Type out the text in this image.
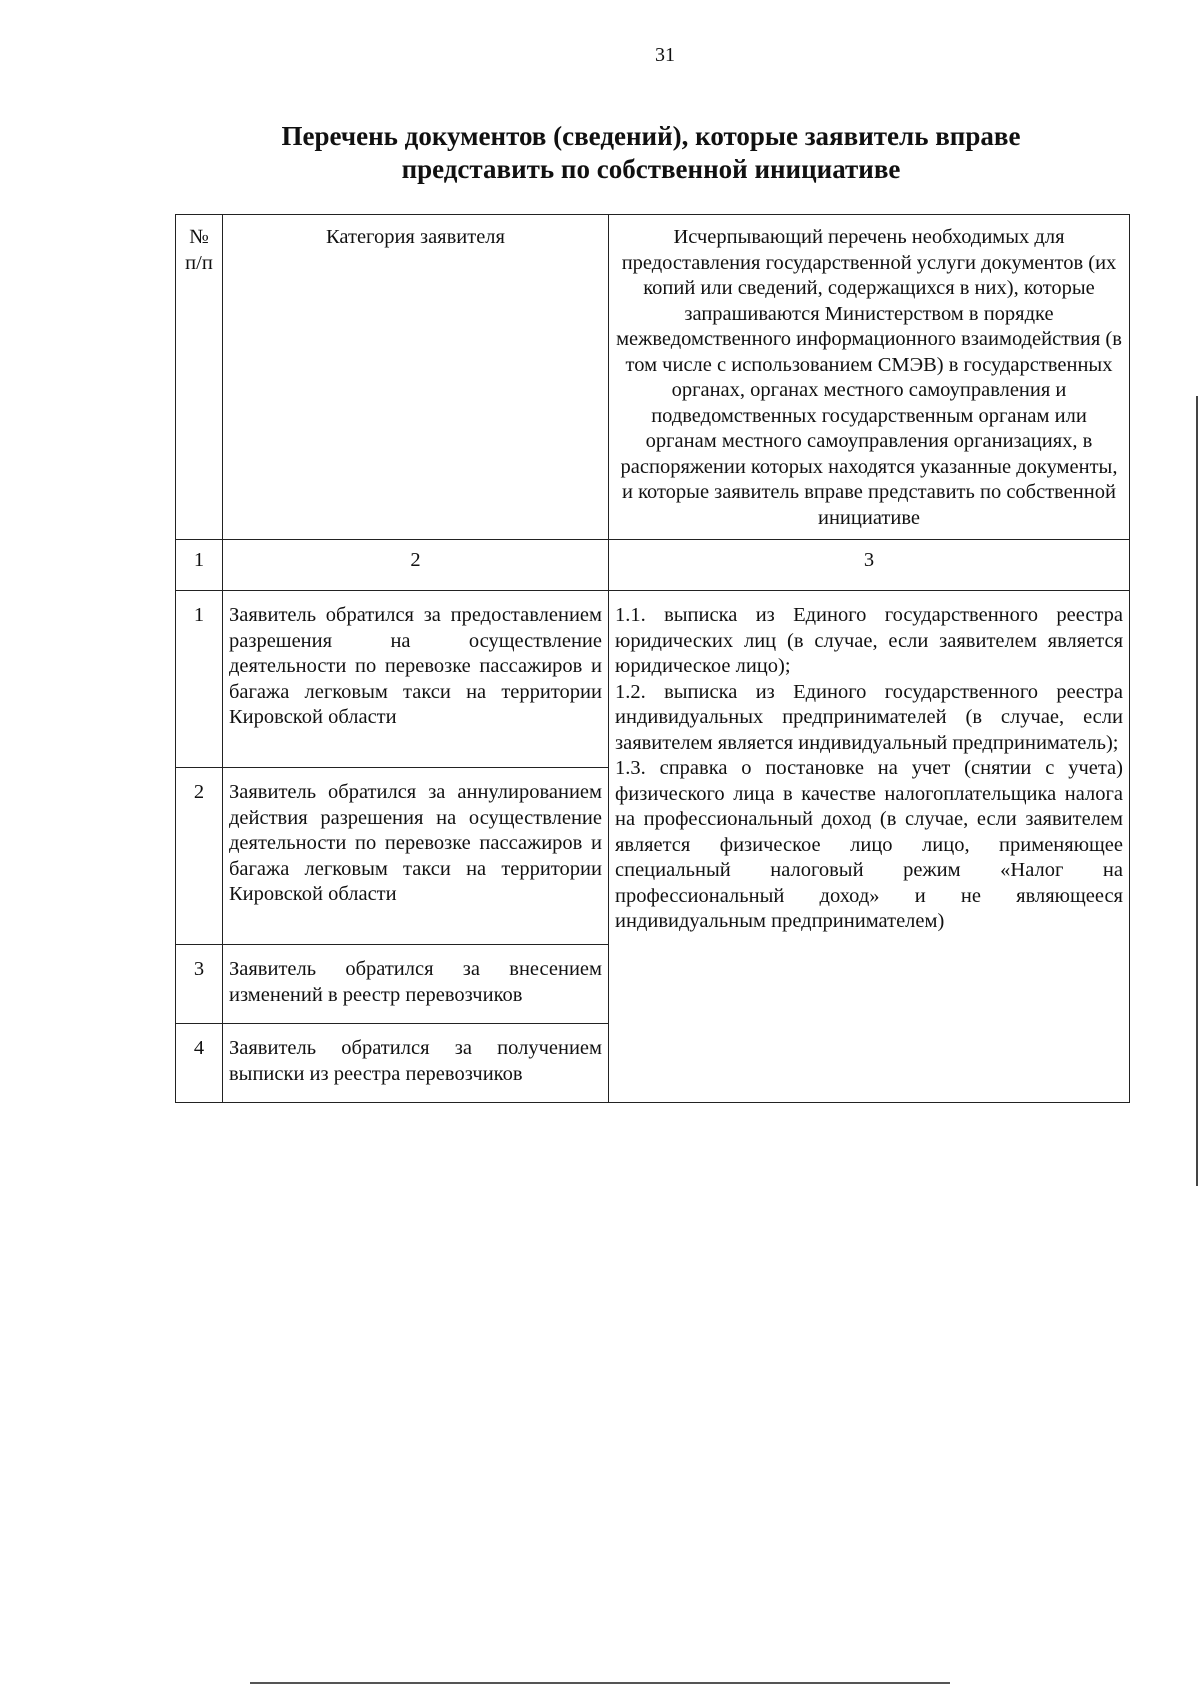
31
Перечень документов (сведений), которые заявитель вправе
представить по собственной инициативе
№ п/п	Категория заявителя	Исчерпывающий перечень необходимых для предоставления государственной услуги документов (их копий или сведений, содержащихся в них), которые запрашиваются Министерством в порядке межведомственного информационного взаимодействия (в том числе с использованием СМЭВ) в государственных органах, органах местного самоуправления и подведомственных государственным органам или органам местного самоуправления организациях, в распоряжении которых находятся указанные документы, и которые заявитель вправе представить по собственной инициативе
1	2	3
1	Заявитель обратился за предоставлением разрешения на осуществление деятельности по перевозке пассажиров и багажа легковым такси на территории Кировской области	1.1. выписка из Единого государственного реестра юридических лиц (в случае, если заявителем является юридическое лицо);

1.2. выписка из Единого государственного реестра индивидуальных предпринимателей (в случае, если заявителем является индивидуальный предприниматель);

1.3. справка о постановке на учет (снятии с учета) физического лица в качестве налогоплательщика налога на профессиональный доход (в случае, если заявителем является физическое лицо лицо, применяющее специальный налоговый режим «Налог на профессиональный доход» и не являющееся индивидуальным предпринимателем)

2	Заявитель обратился за аннулированием действия разрешения на осуществление деятельности по перевозке пассажиров и багажа легковым такси на территории Кировской области	
3	Заявитель обратился за внесением изменений в реестр перевозчиков	
4	Заявитель обратился за получением выписки из реестра перевозчиков	
